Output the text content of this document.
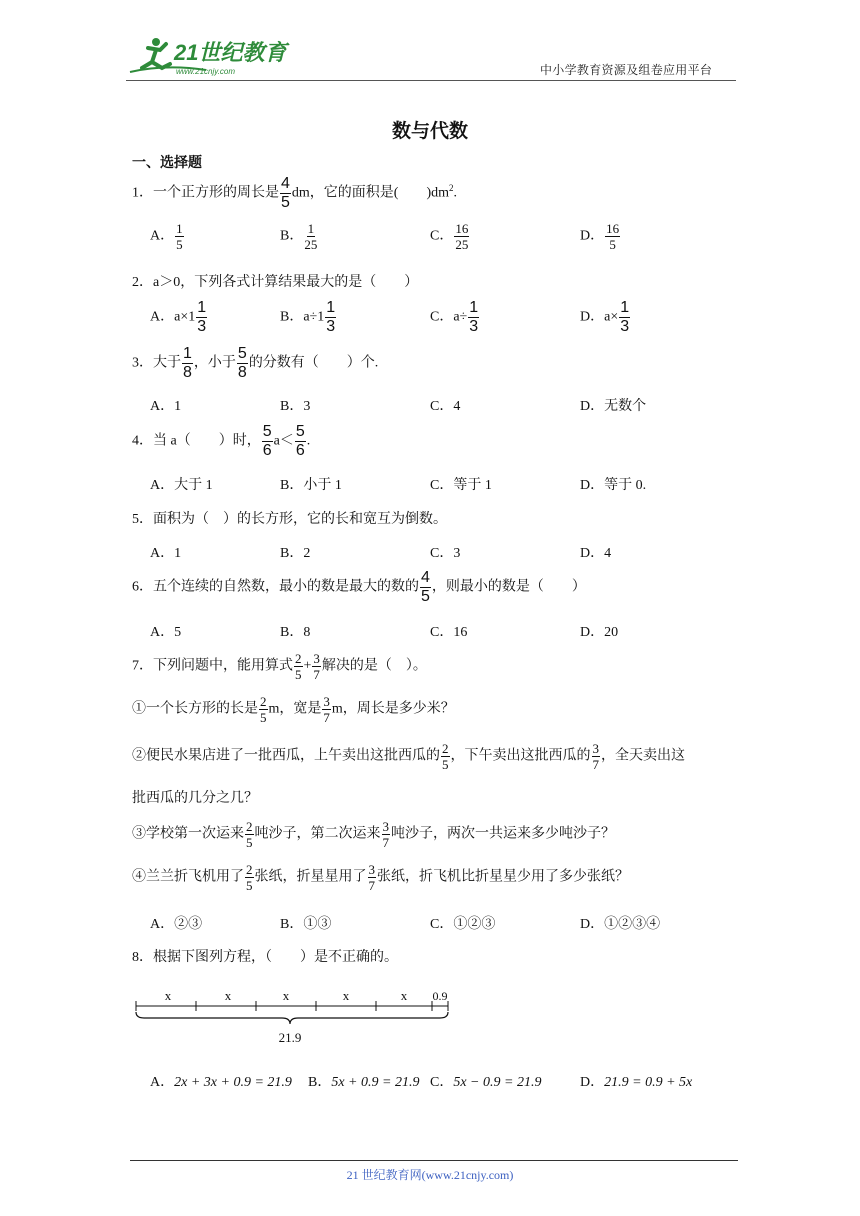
21世纪教育
www.21cnjy.com	中小学教育资源及组卷应用平台
数与代数
一、选择题
1．一个正方形的周长是 $\frac{4}{5}$ dm，它的面积是(　　)$dm^2$.
A． $\frac{1}{5}$	B． $\frac{1}{25}$	C． $\frac{16}{25}$	D． $\frac{16}{5}$
2．a＞0，下列各式计算结果最大的是（　　）
A．$a\times 1 \frac{1}{3}$	B．$a\div 1 \frac{1}{3}$	C．$a\div \frac{1}{3}$	D．$a\times \frac{1}{3}$
3．大于 $\frac{1}{8}$ ，小于 $\frac{5}{8}$ 的分数有（　　）个.
A．1	B．3	C．4	D．无数个
4．当 a（　　）时， $\frac{5}{6} a< \frac{5}{6}$ .
A．大于 1	B．小于 1	C．等于 1	D．等于 0.
5．面积为（　）的长方形，它的长和宽互为倒数。
A．1	B．2	C．3	D．4
6．五个连续的自然数，最小的数是最大的数的 $\frac{4}{5}$ ，则最小的数是（　　）
A．5	B．8	C．16	D．20
7．下列问题中，能用算式 $\frac{2}{5} + \frac{3}{7}$ 解决的是（　）。
①一个长方形的长是 $\frac{2}{5}$ m，宽是 $\frac{3}{7}$ m，周长是多少米？
②便民水果店进了一批西瓜，上午卖出这批西瓜的 $\frac{2}{5}$ ，下午卖出这批西瓜的 $\frac{3}{7}$ ，全天卖出这
批西瓜的几分之几？
③学校第一次运来 $\frac{2}{5}$ 吨沙子，第二次运来 $\frac{3}{7}$ 吨沙子，两次一共运来多少吨沙子？
④兰兰折飞机用了 $\frac{2}{5}$ 张纸，折星星用了 $\frac{3}{7}$ 张纸，折飞机比折星星少用了多少张纸？
A．②③	B．①③	C．①②③	D．①②③④
8．根据下图列方程，（　　）是不正确的。
x	x	x	x	x 0.9
21.9
A．2x + 3x + 0.9 = 21.9 B．5x + 0.9 = 21.9 C．5x − 0.9 = 21.9	D．21.9 = 0.9 + 5x
21 世纪教育网(www.21cnjy.com)
